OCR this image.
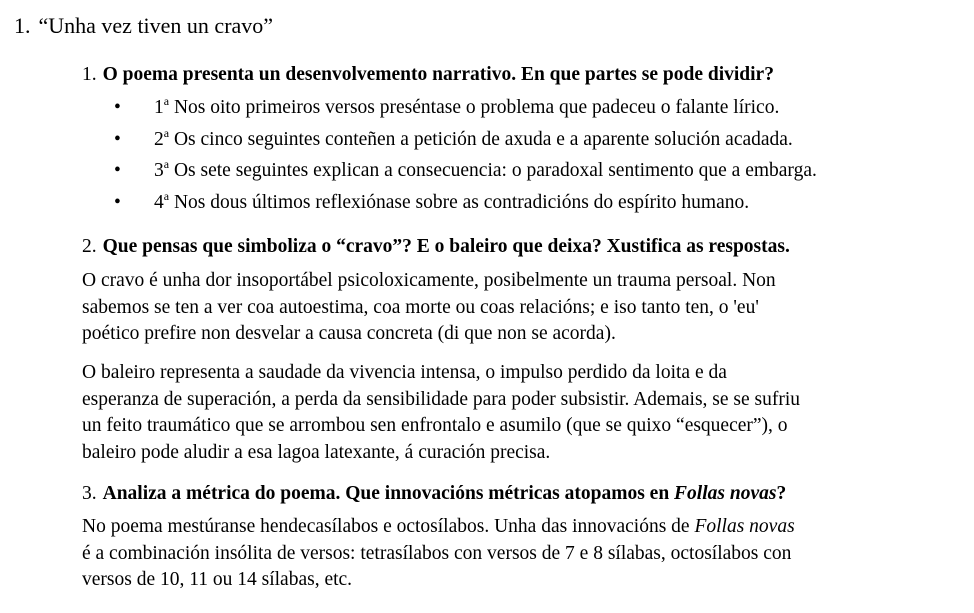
1. “Unha vez tiven un cravo”
1. O poema presenta un desenvolvemento narrativo. En que partes se pode dividir?
• 1$^a$ Nos oito primeiros versos preséntase o problema que padeceu o falante lírico.
• 2$^a$ Os cinco seguintes conteñen a petición de axuda e a aparente solución acadada.
• 3$^a$ Os sete seguintes explican a consecuencia: o paradoxal sentimento que a embarga.
• 4$^a$ Nos dous últimos reflexiónase sobre as contradicións do espírito humano.
2. Que pensas que simboliza o “cravo”? E o baleiro que deixa? Xustifica as respostas.

O cravo é unha dor insoportábel psicoloxicamente, posibelmente un trauma persoal. Non
sabemos se ten a ver coa autoestima, coa morte ou coas relacións; e iso tanto ten, o 'eu'
poético prefire non desvelar a causa concreta (di que non se acorda).

O baleiro representa a saudade da vivencia intensa, o impulso perdido da loita e da
esperanza de superación, a perda da sensibilidade para poder subsistir. Ademais, se se sufriu
un feito traumático que se arrombou sen enfrontalo e asumilo (que se quixo “esquecer”), o
baleiro pode aludir a esa lagoa latexante, á curación precisa.

3. Analiza a métrica do poema. Que innovacións métricas atopamos en Follas novas?

No poema mestúranse hendecasílabos e octosílabos. Unha das innovacións de Follas novas
é a combinación insólita de versos: tetrasílabos con versos de 7 e 8 sílabas, octosílabos con
versos de 10, 11 ou 14 sílabas, etc.
